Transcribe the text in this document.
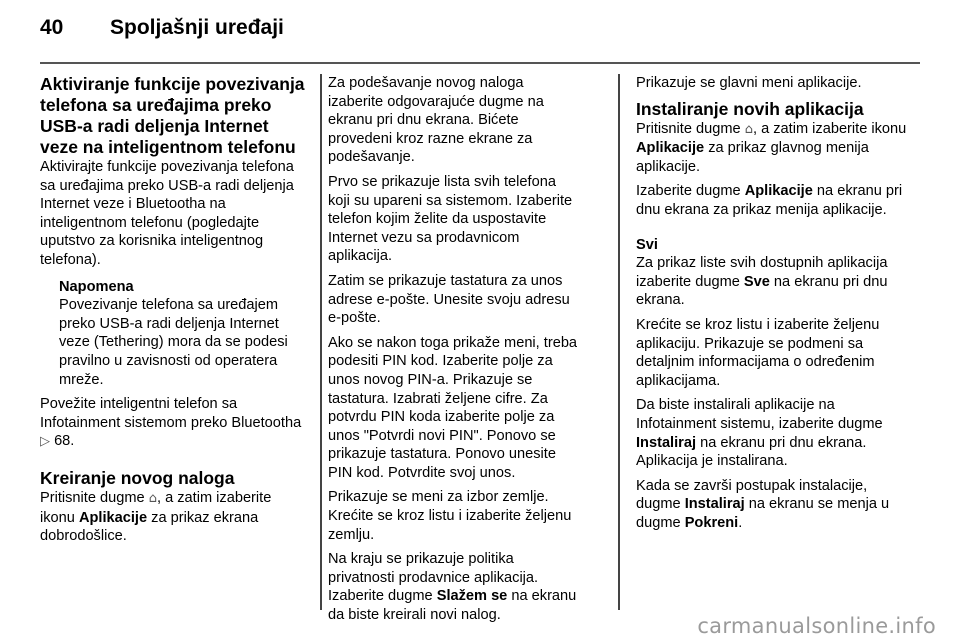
40	Spoljašnji uređaji
Aktiviranje funkcije povezivanja telefona sa uređajima preko USB-a radi deljenja Internet veze na inteligentnom telefonu

Aktivirajte funkcije povezivanja telefona sa uređajima preko USB-a radi deljenja Internet veze i Bluetootha na inteligentnom telefonu (pogledajte uputstvo za korisnika inteligentnog telefona).

Napomena
Povezivanje telefona sa uređajem preko USB-a radi deljenja Internet veze (Tethering) mora da se podesi pravilno u zavisnosti od operatera mreže.

Povežite inteligentni telefon sa Infotainment sistemom preko Bluetootha ▷ 68.

Kreiranje novog naloga

Pritisnite dugme ⌂, a zatim izaberite ikonu Aplikacije za prikaz ekrana dobrodošlice.

Za podešavanje novog naloga izaberite odgovarajuće dugme na ekranu pri dnu ekrana. Bićete provedeni kroz razne ekrane za podešavanje.

Prvo se prikazuje lista svih telefona koji su upareni sa sistemom. Izaberite telefon kojim želite da uspostavite Internet vezu sa prodavnicom aplikacija.

Zatim se prikazuje tastatura za unos adrese e-pošte. Unesite svoju adresu e-pošte.

Ako se nakon toga prikaže meni, treba podesiti PIN kod. Izaberite polje za unos novog PIN-a. Prikazuje se tastatura. Izabrati željene cifre. Za potvrdu PIN koda izaberite polje za unos "Potvrdi novi PIN". Ponovo se prikazuje tastatura. Ponovo unesite PIN kod. Potvrdite svoj unos.

Prikazuje se meni za izbor zemlje. Krećite se kroz listu i izaberite željenu zemlju.

Na kraju se prikazuje politika privatnosti prodavnice aplikacija. Izaberite dugme Slažem se na ekranu da biste kreirali novi nalog.

Prikazuje se glavni meni aplikacije.

Instaliranje novih aplikacija

Pritisnite dugme ⌂, a zatim izaberite ikonu Aplikacije za prikaz glavnog menija aplikacije.

Izaberite dugme Aplikacije na ekranu pri dnu ekrana za prikaz menija aplikacije.

Svi

Za prikaz liste svih dostupnih aplikacija izaberite dugme Sve na ekranu pri dnu ekrana.

Krećite se kroz listu i izaberite željenu aplikaciju. Prikazuje se podmeni sa detaljnim informacijama o određenim aplikacijama.

Da biste instalirali aplikacije na Infotainment sistemu, izaberite dugme Instaliraj na ekranu pri dnu ekrana. Aplikacija je instalirana.

Kada se završi postupak instalacije, dugme Instaliraj na ekranu se menja u dugme Pokreni.

carmanualsonline.info
